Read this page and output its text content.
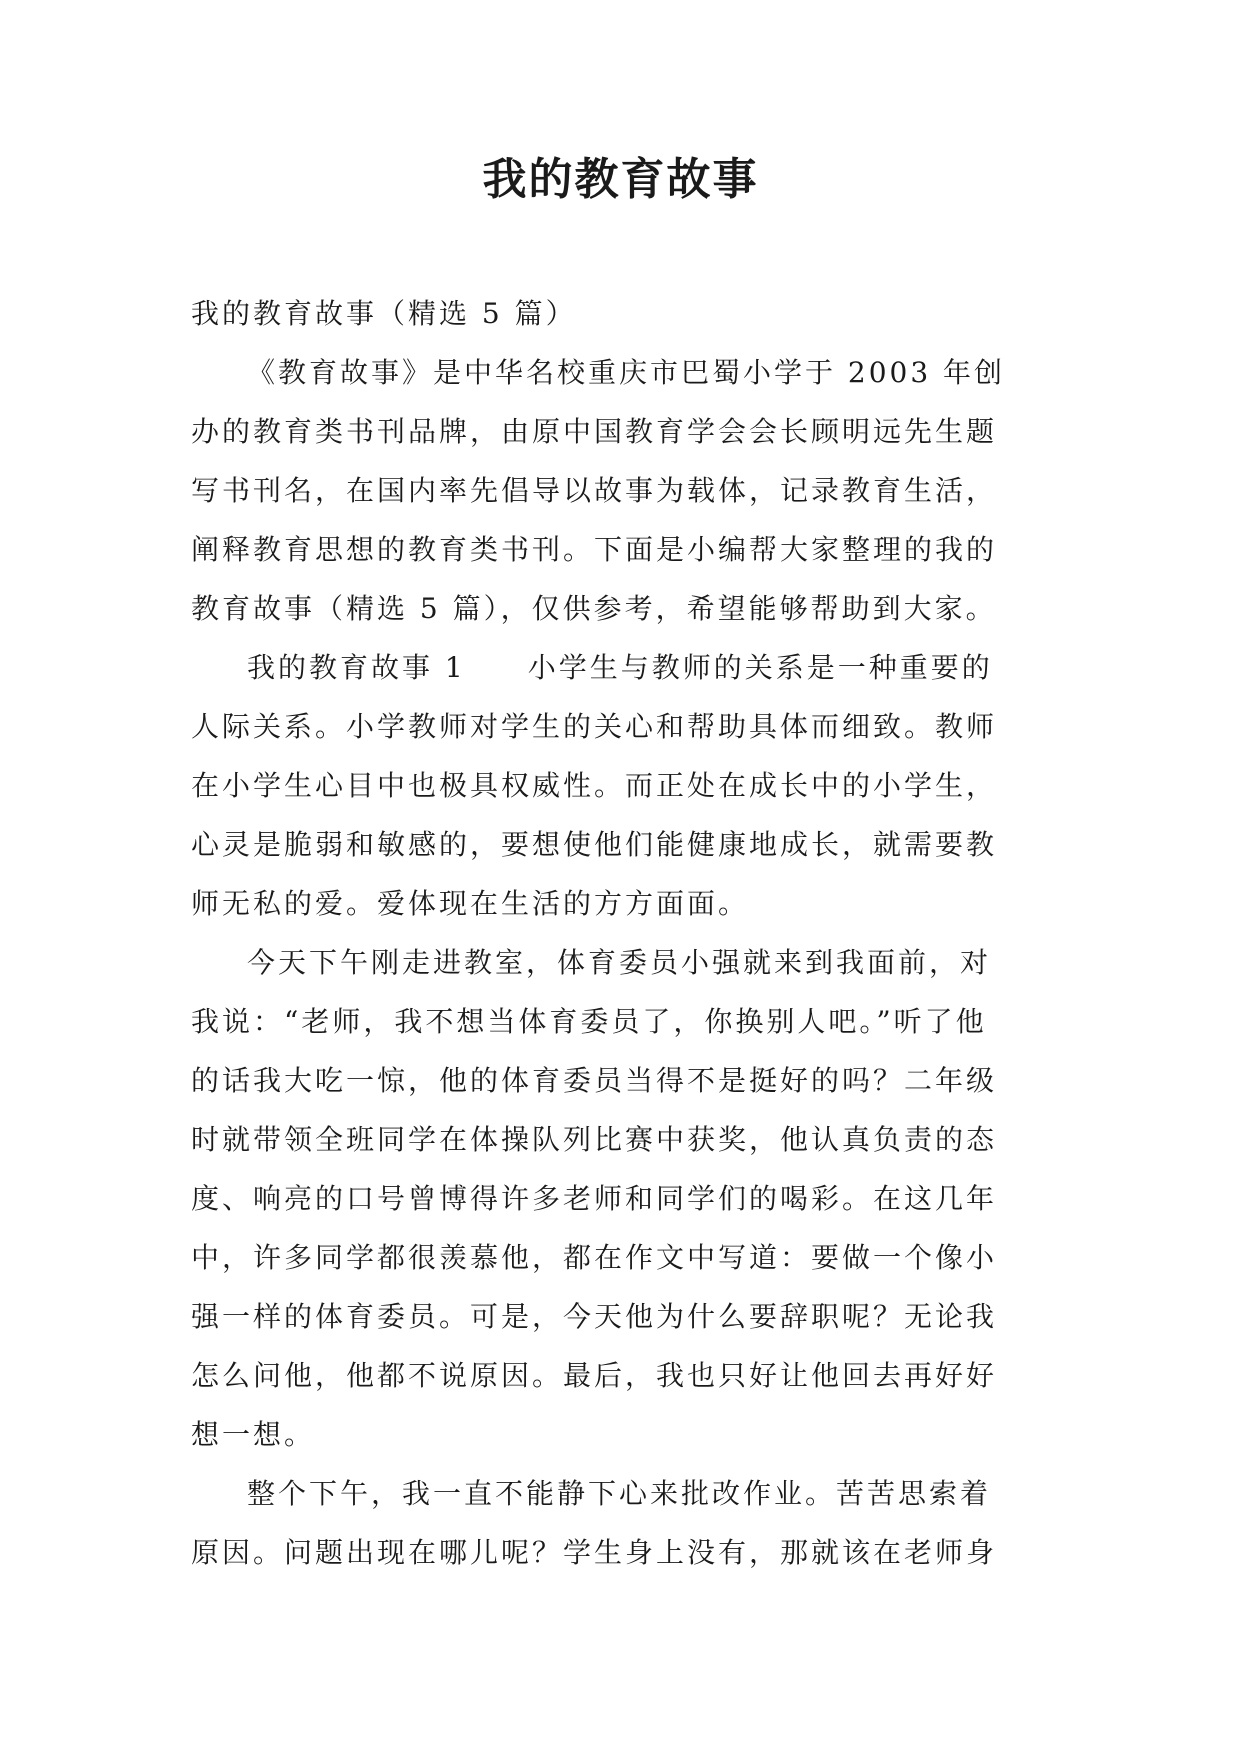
我的教育故事
我的教育故事（精选 5 篇）
《教育故事》是中华名校重庆市巴蜀小学于 2003 年创
办的教育类书刊品牌，由原中国教育学会会长顾明远先生题
写书刊名，在国内率先倡导以故事为载体，记录教育生活，
阐释教育思想的教育类书刊。下面是小编帮大家整理的我的
教育故事（精选 5 篇），仅供参考，希望能够帮助到大家。
我的教育故事 1　　小学生与教师的关系是一种重要的
人际关系。小学教师对学生的关心和帮助具体而细致。教师
在小学生心目中也极具权威性。而正处在成长中的小学生，
心灵是脆弱和敏感的，要想使他们能健康地成长，就需要教
师无私的爱。爱体现在生活的方方面面。
今天下午刚走进教室，体育委员小强就来到我面前，对
我说：“老师，我不想当体育委员了，你换别人吧。”听了他
的话我大吃一惊，他的体育委员当得不是挺好的吗？二年级
时就带领全班同学在体操队列比赛中获奖，他认真负责的态
度、响亮的口号曾博得许多老师和同学们的喝彩。在这几年
中，许多同学都很羡慕他，都在作文中写道：要做一个像小
强一样的体育委员。可是，今天他为什么要辞职呢？无论我
怎么问他，他都不说原因。最后，我也只好让他回去再好好
想一想。
整个下午，我一直不能静下心来批改作业。苦苦思索着
原因。问题出现在哪儿呢？学生身上没有，那就该在老师身
